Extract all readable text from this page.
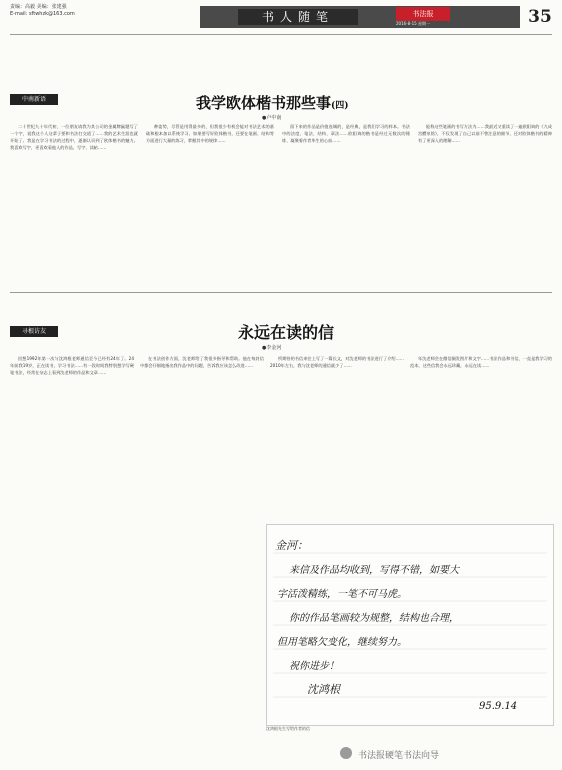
责编：高毅 美编：张建强
E-mail: sftwhzk@163.com	书人随笔	书法报
2016-8-15 星期一	35
中南新语	我学欧体楷书那些事(四)
●卢中南

二十世纪九十年代初，一位朋友请我为其公司的金属牌匾题写了一个字，说我这个人这辈子要和书法打交道了……我的艺术生涯也就开始了。我是在学习书法的过程中，逐渐认识到了欧体楷书的魅力。我喜欢写字，更喜欢看他人的作品，写字、读帖……

种姿势，尽管是用得最多的，但我很少有机会能对书法艺术的基础和根本加以系统学习。如果要写好欧体楷书，还要在笔画、结构等方面进行大量的练习，掌握其中的规律……

留下来的作品是价值连城的，是经典，是我们学习的样本。书法中的法度、笔法、结构、章法……欧阳询的楷书是经过无数次的锤炼、凝聚着作者毕生的心血……

能称这些笔画的书写方法为……我最近又重读了一遍欧阳询的《九成宫醴泉铭》，不仅发现了自己以前不曾注意的细节，还对欧体楷书的精神有了更深入的理解……

寻根访友	永远在读的信
●李金河

回想1992年第一次与沈鸿根老师通信至今已经有24年了。24年前我19岁，正在读书，学习书法……有一段时间我特别想学写硬笔书法，经常在杂志上看到沈老师的作品和文章……

在书法创作方面，沈老师给了我很多指导和帮助。他在每封信中都会仔细地指出我作品中的问题，告诉我应该怎么改进……

所期待的书信来往上写了一篇长文，对沈老师的书法进行了介绍……2010年左右，我与沈老师的通信就少了……

年沈老师会在微信圈发图片和文字……书法作品和书信，一直是我学习的范本，这些信我会永远珍藏，永远在读……

金河：
来信及作品均收到，写得不错，如要大
字活泼精练，一笔不可马虎。
你的作品笔画较为规整，结构也合理，
但用笔略欠变化，继续努力。
祝你进步！
沈鸿根
95.9.14
沈鸿根先生写给作者的信
书法报硬笔书法向导
